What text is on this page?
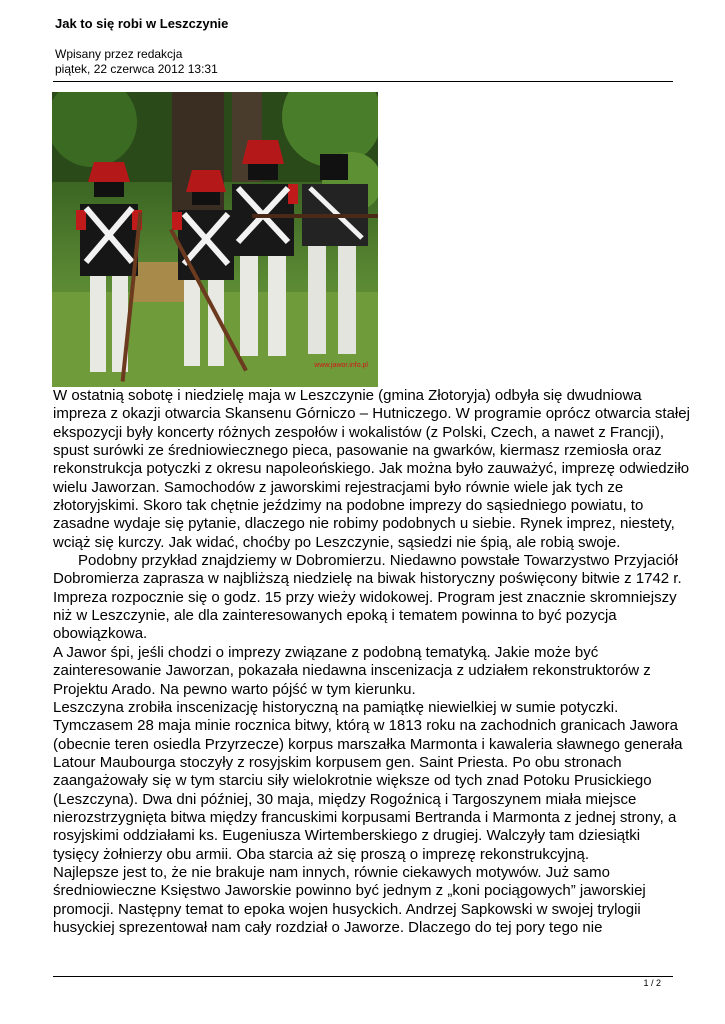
Jak to się robi w Leszczynie
Wpisany przez redakcja
piątek, 22 czerwca 2012 13:31
www.jawor.info.pl

W ostatnią sobotę i niedzielę maja w Leszczynie (gmina Złotoryja) odbyła się dwudniowa

impreza z okazji otwarcia Skansenu Górniczo – Hutniczego. W programie oprócz otwarcia stałej

ekspozycji były koncerty różnych zespołów i wokalistów (z Polski, Czech, a nawet z Francji),

spust surówki ze średniowiecznego pieca, pasowanie na gwarków, kiermasz rzemiosła oraz

rekonstrukcja potyczki z okresu napoleońskiego. Jak można było zauważyć, imprezę odwiedziło

wielu Jaworzan. Samochodów z jaworskimi rejestracjami było równie wiele jak tych ze

złotoryjskimi. Skoro tak chętnie jeździmy na podobne imprezy do sąsiedniego powiatu, to

zasadne wydaje się pytanie, dlaczego nie robimy podobnych u siebie. Rynek imprez, niestety,

wciąż się kurczy. Jak widać, choćby po Leszczynie, sąsiedzi nie śpią, ale robią swoje.

Podobny przykład znajdziemy w Dobromierzu. Niedawno powstałe Towarzystwo Przyjaciół

Dobromierza zaprasza w najbliższą niedzielę na biwak historyczny poświęcony bitwie z 1742 r.

Impreza rozpocznie się o godz. 15 przy wieży widokowej. Program jest znacznie skromniejszy

niż w Leszczynie, ale dla zainteresowanych epoką i tematem powinna to być pozycja

obowiązkowa.

A Jawor śpi, jeśli chodzi o imprezy związane z podobną tematyką. Jakie może być

zainteresowanie Jaworzan, pokazała niedawna inscenizacja z udziałem rekonstruktorów z

Projektu Arado. Na pewno warto pójść w tym kierunku.

Leszczyna zrobiła inscenizację historyczną na pamiątkę niewielkiej w sumie potyczki.

Tymczasem 28 maja minie rocznica bitwy, którą w 1813 roku na zachodnich granicach Jawora

(obecnie teren osiedla Przyrzecze) korpus marszałka Marmonta i kawaleria sławnego generała

Latour Maubourga stoczyły z rosyjskim korpusem gen. Saint Priesta. Po obu stronach

zaangażowały się w tym starciu siły wielokrotnie większe od tych znad Potoku Prusickiego

(Leszczyna). Dwa dni później, 30 maja, między Rogoźnicą i Targoszynem miała miejsce

nierozstrzygnięta bitwa między francuskimi korpusami Bertranda i Marmonta z jednej strony, a

rosyjskimi oddziałami ks. Eugeniusza Wirtemberskiego z drugiej. Walczyły tam dziesiątki

tysięcy żołnierzy obu armii. Oba starcia aż się proszą o imprezę rekonstrukcyjną.

Najlepsze jest to, że nie brakuje nam innych, równie ciekawych motywów. Już samo

średniowieczne Księstwo Jaworskie powinno być jednym z „koni pociągowych” jaworskiej

promocji. Następny temat to epoka wojen husyckich. Andrzej Sapkowski w swojej trylogii

husyckiej sprezentował nam cały rozdział o Jaworze. Dlaczego do tej pory tego nie

1 / 2
